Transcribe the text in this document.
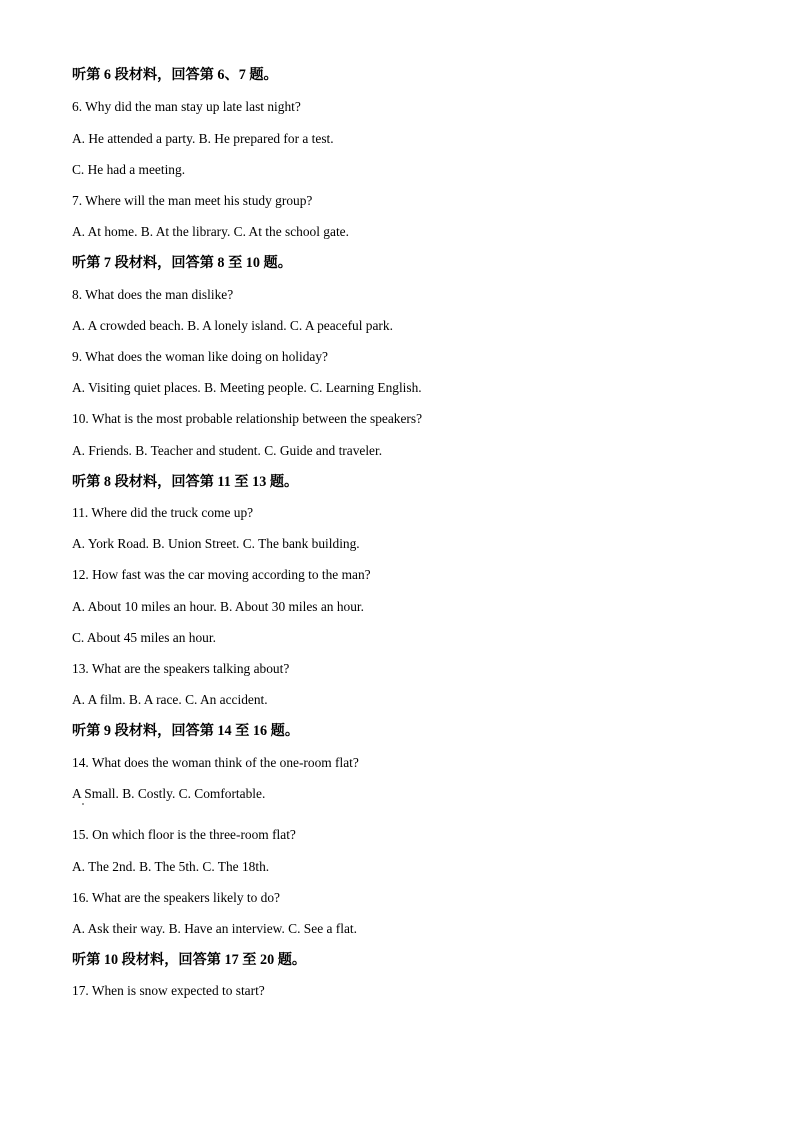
听第 6 段材料，回答第 6、7 题。
6. Why did the man stay up late last night?
A. He attended a party. B. He prepared for a test.
C. He had a meeting.
7. Where will the man meet his study group?
A. At home. B. At the library. C. At the school gate.
听第 7 段材料，回答第 8 至 10 题。
8. What does the man dislike?
A. A crowded beach. B. A lonely island. C. A peaceful park.
9. What does the woman like doing on holiday?
A. Visiting quiet places. B. Meeting people. C. Learning English.
10. What is the most probable relationship between the speakers?
A. Friends. B. Teacher and student. C. Guide and traveler.
听第 8 段材料，回答第 11 至 13 题。
11. Where did the truck come up?
A. York Road. B. Union Street. C. The bank building.
12. How fast was the car moving according to the man?
A. About 10 miles an hour. B. About 30 miles an hour.
C. About 45 miles an hour.
13. What are the speakers talking about?
A. A film. B. A race. C. An accident.
听第 9 段材料，回答第 14 至 16 题。
14. What does the woman think of the one-room flat?
A Small. B. Costly. C. Comfortable.
15. On which floor is the three-room flat?
A. The 2nd. B. The 5th. C. The 18th.
16. What are the speakers likely to do?
A. Ask their way. B. Have an interview. C. See a flat.
听第 10 段材料，回答第 17 至 20 题。
17. When is snow expected to start?
